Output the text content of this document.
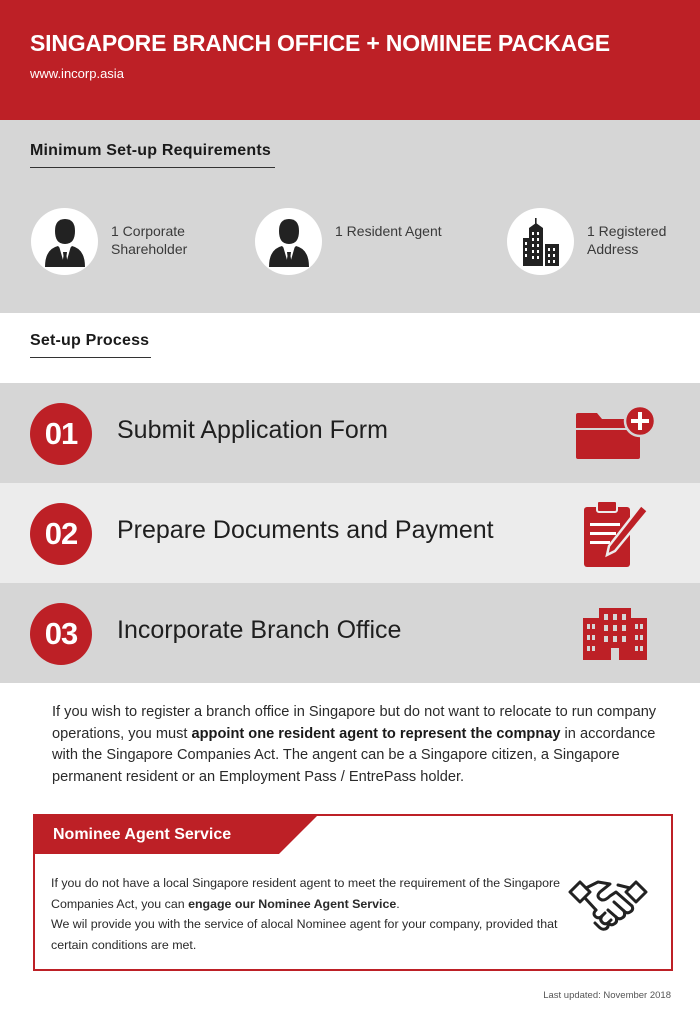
SINGAPORE BRANCH OFFICE + NOMINEE PACKAGE
www.incorp.asia
Minimum Set-up Requirements
1 Corporate Shareholder
1 Resident Agent	1 Registered Address
Set-up Process
01	Submit Application Form
02	Prepare Documents and Payment
03	Incorporate Branch Office
If you wish to register a branch office in Singapore but do not want to relocate to run company operations, you must appoint one resident agent to represent the compnay in accordance with the Singapore Companies Act. The angent can be a Singapore citizen, a Singapore permanent resident or an Employment Pass / EntrePass holder.
Nominee Agent Service

If you do not have a local Singapore resident agent to meet the requirement of the Singapore Companies Act, you can engage our Nominee Agent Service.

We wil provide you with the service of alocal Nominee agent for your company, provided that certain conditions are met.

Last updated: November 2018
